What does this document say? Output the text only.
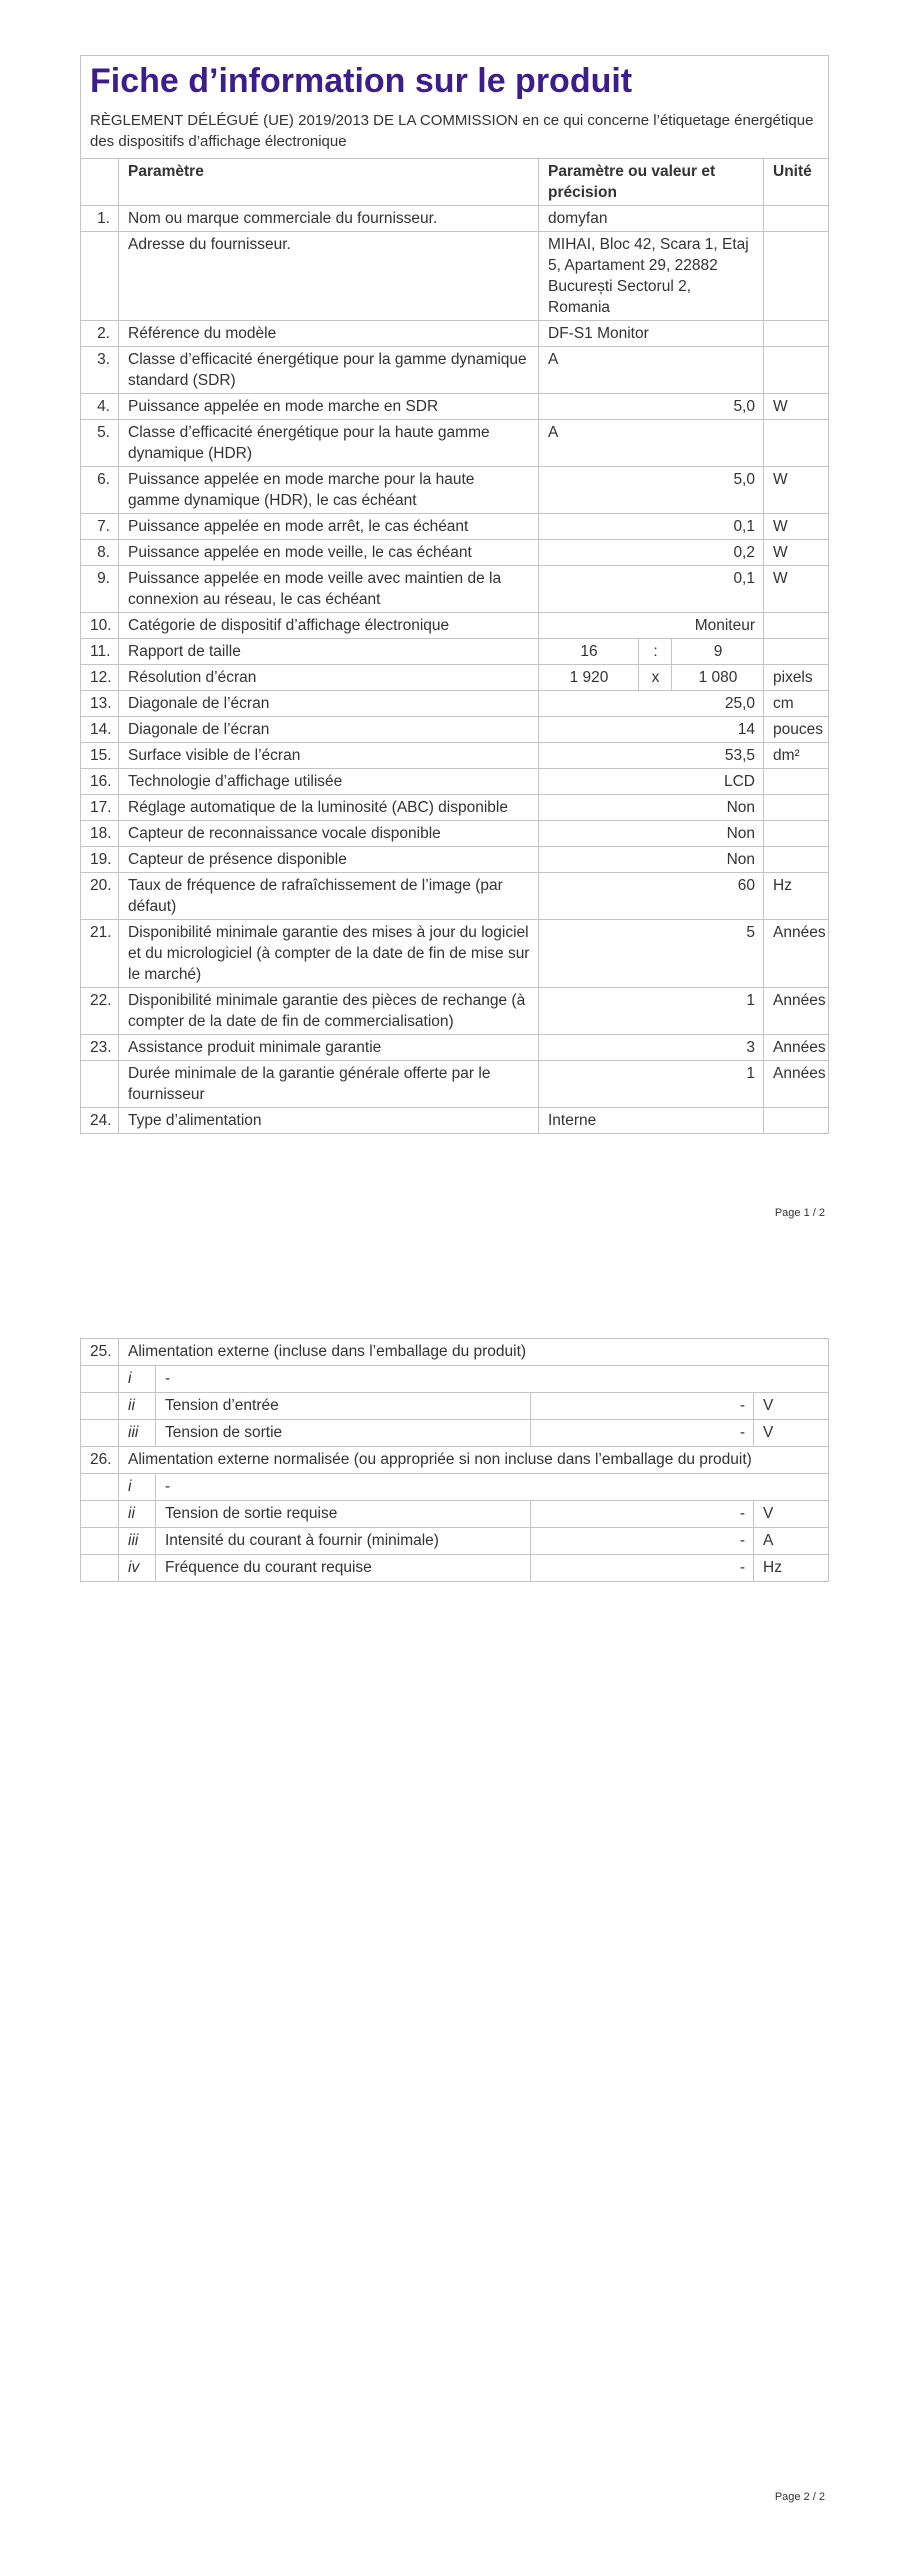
Fiche d’information sur le produit
RÈGLEMENT DÉLÉGUÉ (UE) 2019/2013 DE LA COMMISSION en ce qui concerne l’étiquetage énergétique des dispositifs d’affichage électronique					

	Paramètre	Paramètre ou valeur et précision			Unité
1.	Nom ou marque commerciale du fournisseur.	domyfan			
	Adresse du fournisseur.	MIHAI, Bloc 42, Scara 1, Etaj 5, Apartament 29, 22882 București Sectorul 2, Romania			
2.	Référence du modèle	DF-S1 Monitor			
3.	Classe d’efficacité énergétique pour la gamme dynamique standard (SDR)	A			
4.	Puissance appelée en mode marche en SDR	5,0			W
5.	Classe d’efficacité énergétique pour la haute gamme dynamique (HDR)	A			
6.	Puissance appelée en mode marche pour la haute gamme dynamique (HDR), le cas échéant	5,0			W
7.	Puissance appelée en mode arrêt, le cas échéant	0,1			W
8.	Puissance appelée en mode veille, le cas échéant	0,2			W
9.	Puissance appelée en mode veille avec maintien de la connexion au réseau, le cas échéant	0,1			W
10.	Catégorie de dispositif d’affichage électronique	Moniteur			
11.	Rapport de taille	16	:	9	
12.	Résolution d’écran	1 920	x	1 080	pixels
13.	Diagonale de l’écran	25,0			cm
14.	Diagonale de l’écran	14			pouces
15.	Surface visible de l’écran	53,5			dm²
16.	Technologie d’affichage utilisée	LCD			
17.	Réglage automatique de la luminosité (ABC) disponible	Non			
18.	Capteur de reconnaissance vocale disponible	Non			
19.	Capteur de présence disponible	Non			
20.	Taux de fréquence de rafraîchissement de l’image (par défaut)	60			Hz
21.	Disponibilité minimale garantie des mises à jour du logiciel et du micrologiciel (à compter de la date de fin de mise sur le marché)	5			Années
22.	Disponibilité minimale garantie des pièces de rechange (à compter de la date de fin de commercialisation)	1			Années
23.	Assistance produit minimale garantie	3			Années
	Durée minimale de la garantie générale offerte par le fournisseur	1			Années
24.	Type d’alimentation	Interne			
Page 1 / 2
25.	Alimentation externe (incluse dans l’emballage du produit)			
	i	-		
	ii	Tension d’entrée	-	V
	iii	Tension de sortie	-	V
26.	Alimentation externe normalisée (ou appropriée si non incluse dans l’emballage du produit)			
	i	-		
	ii	Tension de sortie requise	-	V
	iii	Intensité du courant à fournir (minimale)	-	A
	iv	Fréquence du courant requise	-	Hz
Page 2 / 2
